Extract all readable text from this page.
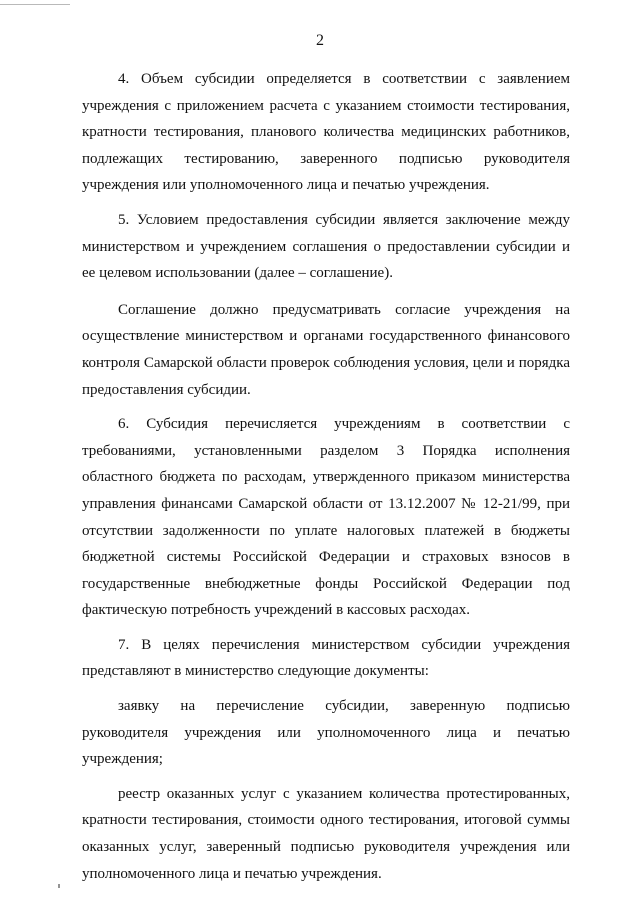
2

4. Объем субсидии определяется в соответствии с заявлением учреждения с приложением расчета с указанием стоимости тестирования, кратности тестирования, планового количества медицинских работников, подлежащих тестированию, заверенного подписью руководителя учреждения или уполномоченного лица и печатью учреждения.

5. Условием предоставления субсидии является заключение между министерством и учреждением соглашения о предоставлении субсидии и ее целевом использовании (далее – соглашение).

Соглашение должно предусматривать согласие учреждения на осуществление министерством и органами государственного финансового контроля Самарской области проверок соблюдения условия, цели и порядка предоставления субсидии.

6. Субсидия перечисляется учреждениям в соответствии с требованиями, установленными разделом 3 Порядка исполнения областного бюджета по расходам, утвержденного приказом министерства управления финансами Самарской области от 13.12.2007 № 12-21/99, при отсутствии задолженности по уплате налоговых платежей в бюджеты бюджетной системы Российской Федерации и страховых взносов в государственные внебюджетные фонды Российской Федерации под фактическую потребность учреждений в кассовых расходах.

7. В целях перечисления министерством субсидии учреждения представляют в министерство следующие документы:

заявку на перечисление субсидии, заверенную подписью руководителя учреждения или уполномоченного лица и печатью учреждения;

реестр оказанных услуг с указанием количества протестированных, кратности тестирования, стоимости одного тестирования, итоговой суммы оказанных услуг, заверенный подписью руководителя учреждения или уполномоченного лица и печатью учреждения.
